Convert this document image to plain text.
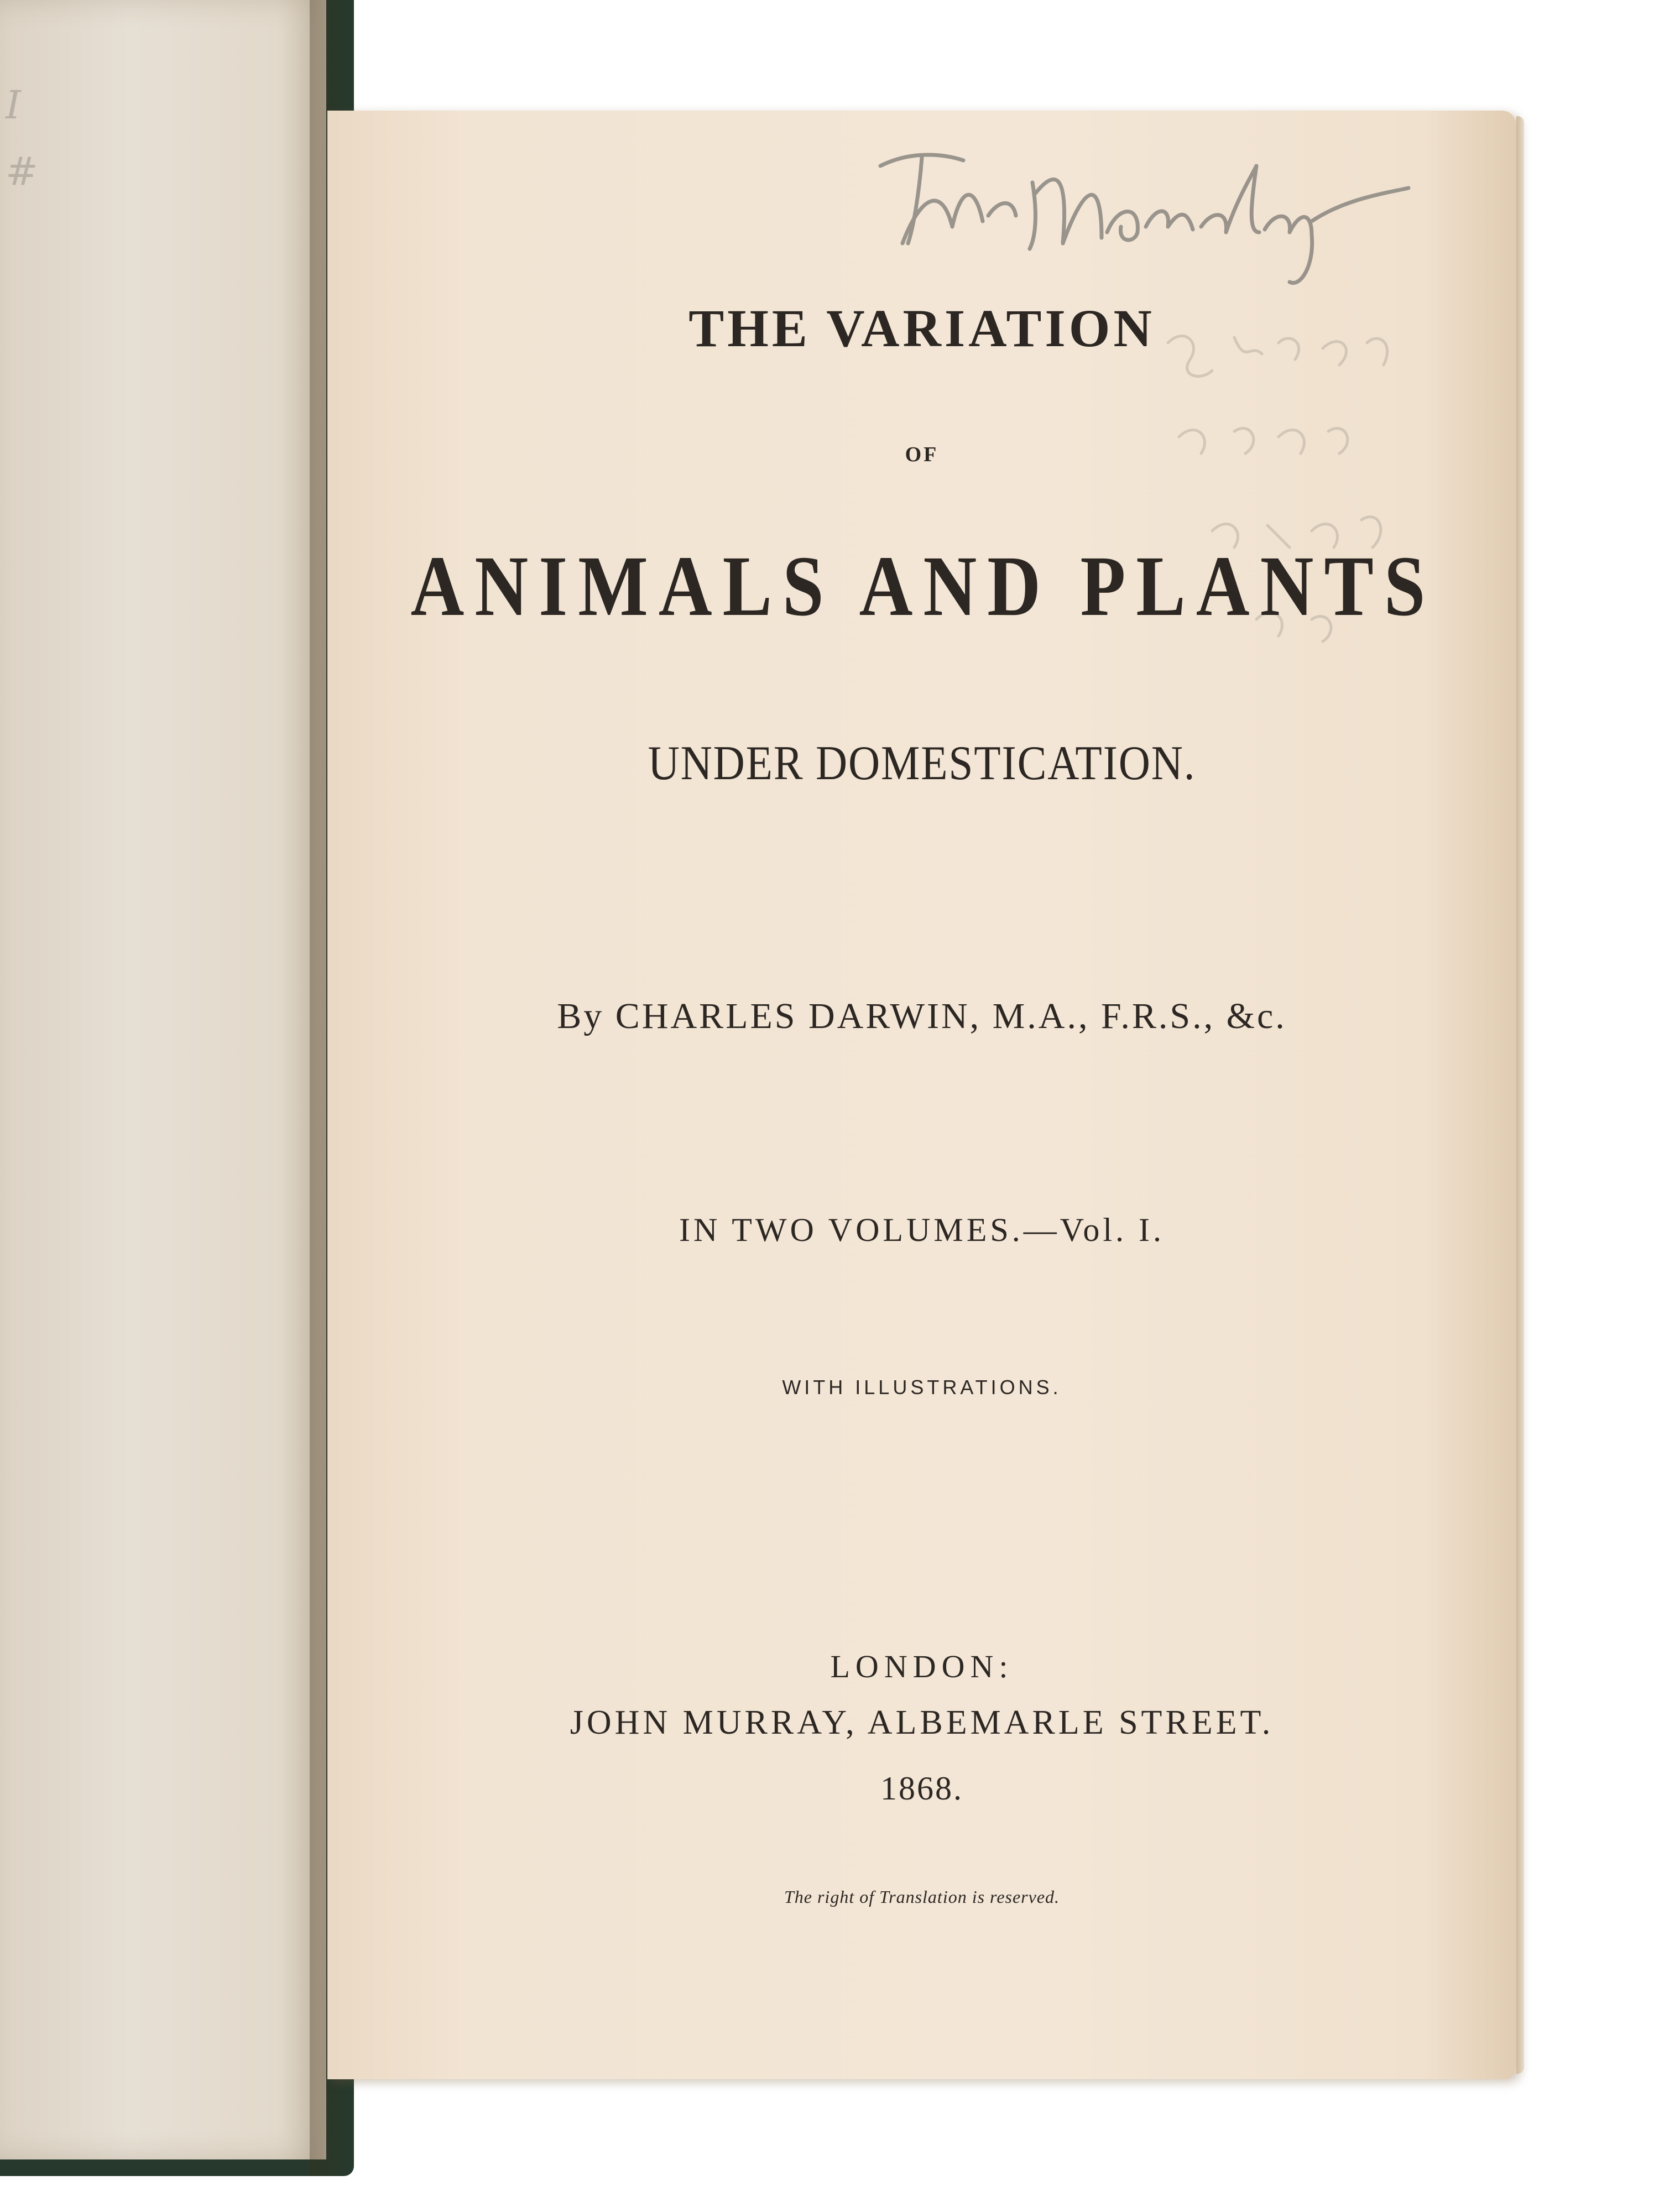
I
#
THE VARIATION
OF
ANIMALS AND PLANTS
UNDER DOMESTICATION.
By CHARLES DARWIN, M.A., F.R.S., &c.
IN TWO VOLUMES.—Vol. I.
WITH ILLUSTRATIONS.
LONDON:
JOHN MURRAY, ALBEMARLE STREET.
1868.
The right of Translation is reserved.
